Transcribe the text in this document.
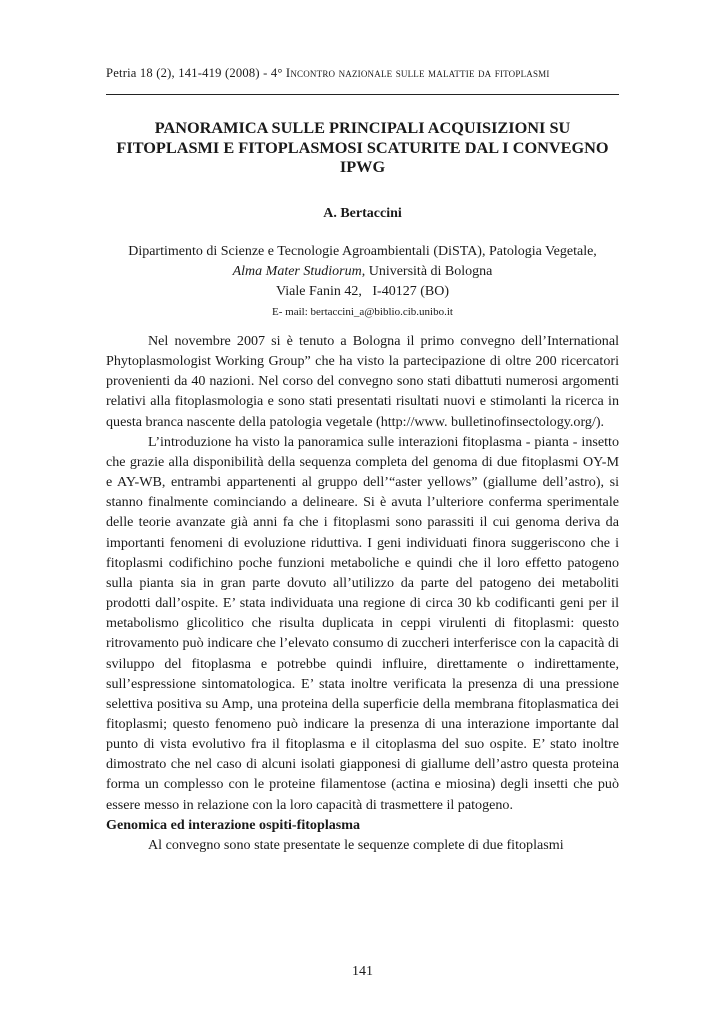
Petria 18 (2), 141-419 (2008) - 4° Incontro nazionale sulle malattie da fitoplasmi
PANORAMICA SULLE PRINCIPALI ACQUISIZIONI SU FITOPLASMI E FITOPLASMOSI SCATURITE DAL I CONVEGNO IPWG
A. Bertaccini
Dipartimento di Scienze e Tecnologie Agroambientali (DiSTA), Patologia Vegetale,
Alma Mater Studiorum, Università di Bologna
Viale Fanin 42,   I-40127 (BO)
E- mail: bertaccini_a@biblio.cib.unibo.it

Nel novembre 2007 si è tenuto a Bologna il primo convegno dell’International Phytoplasmologist Working Group” che ha visto la partecipazione di oltre 200 ricercatori provenienti da 40 nazioni. Nel corso del convegno sono stati dibattuti numerosi argomenti relativi alla fitoplasmologia e sono stati presentati risultati nuovi e stimolanti la ricerca in questa branca nascente della patologia vegetale (http://www. bulletinofinsectology.org/).

L’introduzione ha visto la panoramica sulle interazioni fitoplasma - pianta - insetto che grazie alla disponibilità della sequenza completa del genoma di due fitoplasmi OY-M e AY-WB, entrambi appartenenti al gruppo dell’“aster yellows” (giallume dell’astro), si stanno finalmente cominciando a delineare. Si è avuta l’ulteriore conferma sperimentale delle teorie avanzate già anni fa che i fitoplasmi sono parassiti il cui genoma deriva da importanti fenomeni di evoluzione riduttiva. I geni individuati finora suggeriscono che i fitoplasmi codifichino poche funzioni metaboliche e quindi che il loro effetto patogeno sulla pianta sia in gran parte dovuto all’utilizzo da parte del patogeno dei metaboliti prodotti dall’ospite. E’ stata individuata una regione di circa 30 kb codificanti geni per il metabolismo glicolitico che risulta duplicata in ceppi virulenti di fitoplasmi: questo ritrovamento può indicare che l’elevato consumo di zuccheri interferisce con la capacità di sviluppo del fitoplasma e potrebbe quindi influire, direttamente o indirettamente, sull’espressione sintomatologica. E’ stata inoltre verificata la presenza di una pressione selettiva positiva su Amp, una proteina della superficie della membrana fitoplasmatica dei fitoplasmi; questo fenomeno può indicare la presenza di una interazione importante dal punto di vista evolutivo fra il fitoplasma e il citoplasma del suo ospite. E’ stato inoltre dimostrato che nel caso di alcuni isolati giapponesi di giallume dell’astro questa proteina forma un complesso con le proteine filamentose (actina e miosina) degli insetti che può essere messo in relazione con la loro capacità di trasmettere il patogeno.

Genomica ed interazione ospiti-fitoplasma

Al convegno sono state presentate le sequenze complete di due fitoplasmi

141
